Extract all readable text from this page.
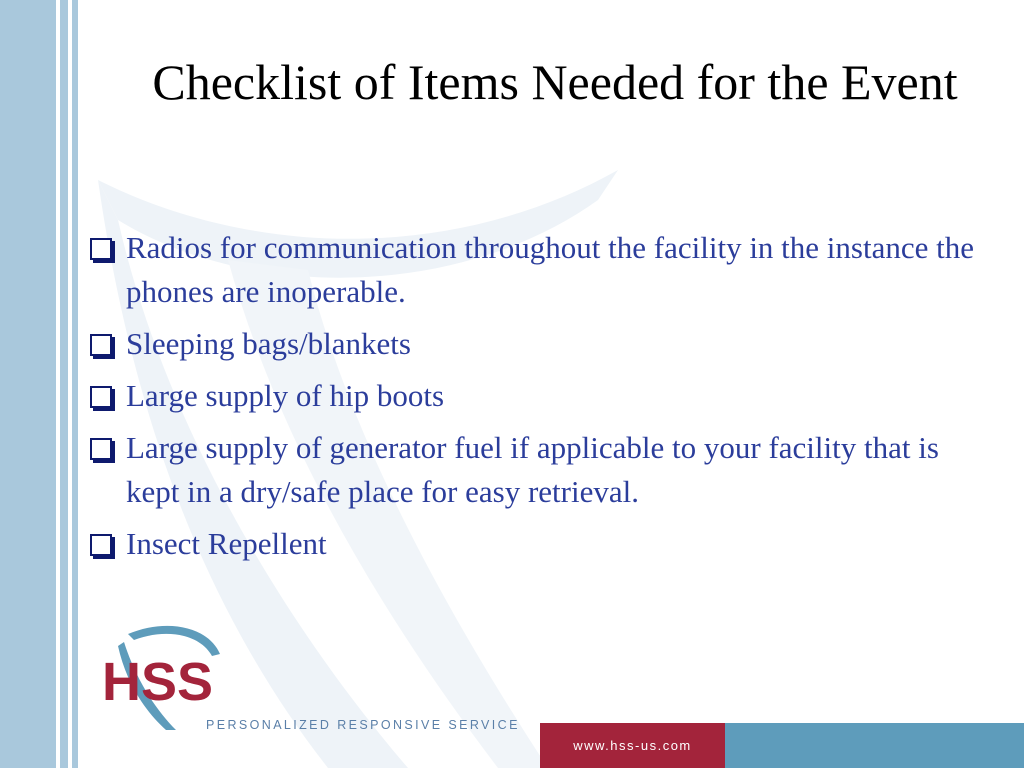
Checklist of Items Needed for the Event
Radios for communication throughout the facility in the instance the phones are inoperable.
Sleeping bags/blankets
Large supply of hip boots
Large supply of generator fuel if applicable to your facility that is kept in a dry/safe place for easy retrieval.
Insect Repellent
HSS
PERSONALIZED RESPONSIVE SERVICE
www.hss-us.com
